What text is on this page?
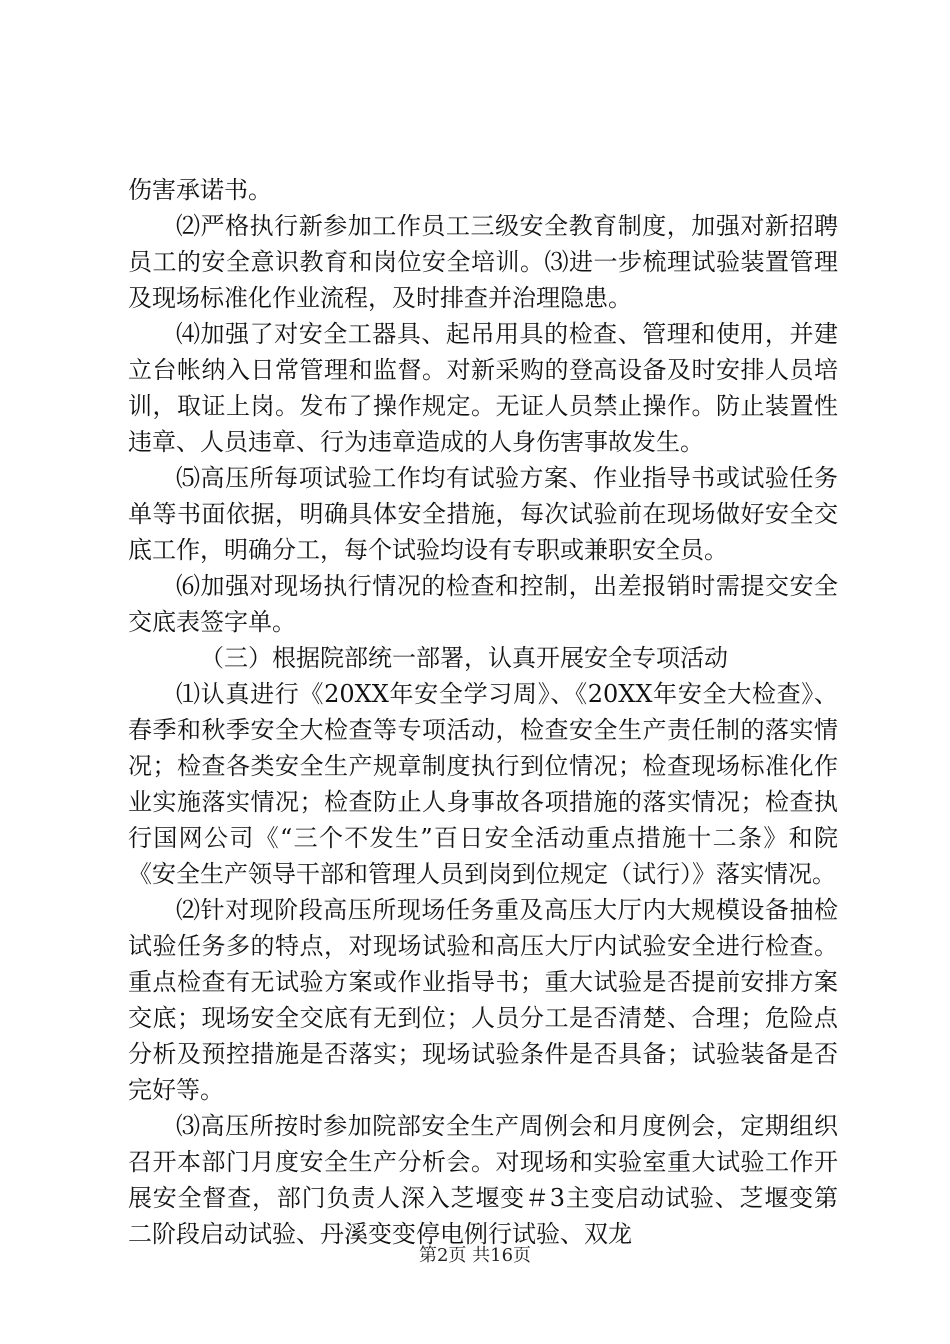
伤害承诺书。

⑵严格执行新参加工作员工三级安全教育制度，加强对新招聘员工的安全意识教育和岗位安全培训。⑶进一步梳理试验装置管理及现场标准化作业流程，及时排查并治理隐患。

⑷加强了对安全工器具、起吊用具的检查、管理和使用，并建立台帐纳入日常管理和监督。对新采购的登高设备及时安排人员培训，取证上岗。发布了操作规定。无证人员禁止操作。防止装置性违章、人员违章、行为违章造成的人身伤害事故发生。

⑸高压所每项试验工作均有试验方案、作业指导书或试验任务单等书面依据，明确具体安全措施，每次试验前在现场做好安全交底工作，明确分工，每个试验均设有专职或兼职安全员。

⑹加强对现场执行情况的检查和控制，出差报销时需提交安全交底表签字单。

（三）根据院部统一部署，认真开展安全专项活动

⑴认真进行《20XX年安全学习周》、《20XX年安全大检查》、春季和秋季安全大检查等专项活动，检查安全生产责任制的落实情况；检查各类安全生产规章制度执行到位情况；检查现场标准化作业实施落实情况；检查防止人身事故各项措施的落实情况；检查执行国网公司《“三个不发生”百日安全活动重点措施十二条》和院《安全生产领导干部和管理人员到岗到位规定（试行）》落实情况。

⑵针对现阶段高压所现场任务重及高压大厅内大规模设备抽检试验任务多的特点，对现场试验和高压大厅内试验安全进行检查。重点检查有无试验方案或作业指导书；重大试验是否提前安排方案交底；现场安全交底有无到位；人员分工是否清楚、合理；危险点分析及预控措施是否落实；现场试验条件是否具备；试验装备是否完好等。

⑶高压所按时参加院部安全生产周例会和月度例会，定期组织召开本部门月度安全生产分析会。对现场和实验室重大试验工作开展安全督查，部门负责人深入芝堰变＃3主变启动试验、芝堰变第二阶段启动试验、丹溪变变停电例行试验、双龙

第2页 共16页
